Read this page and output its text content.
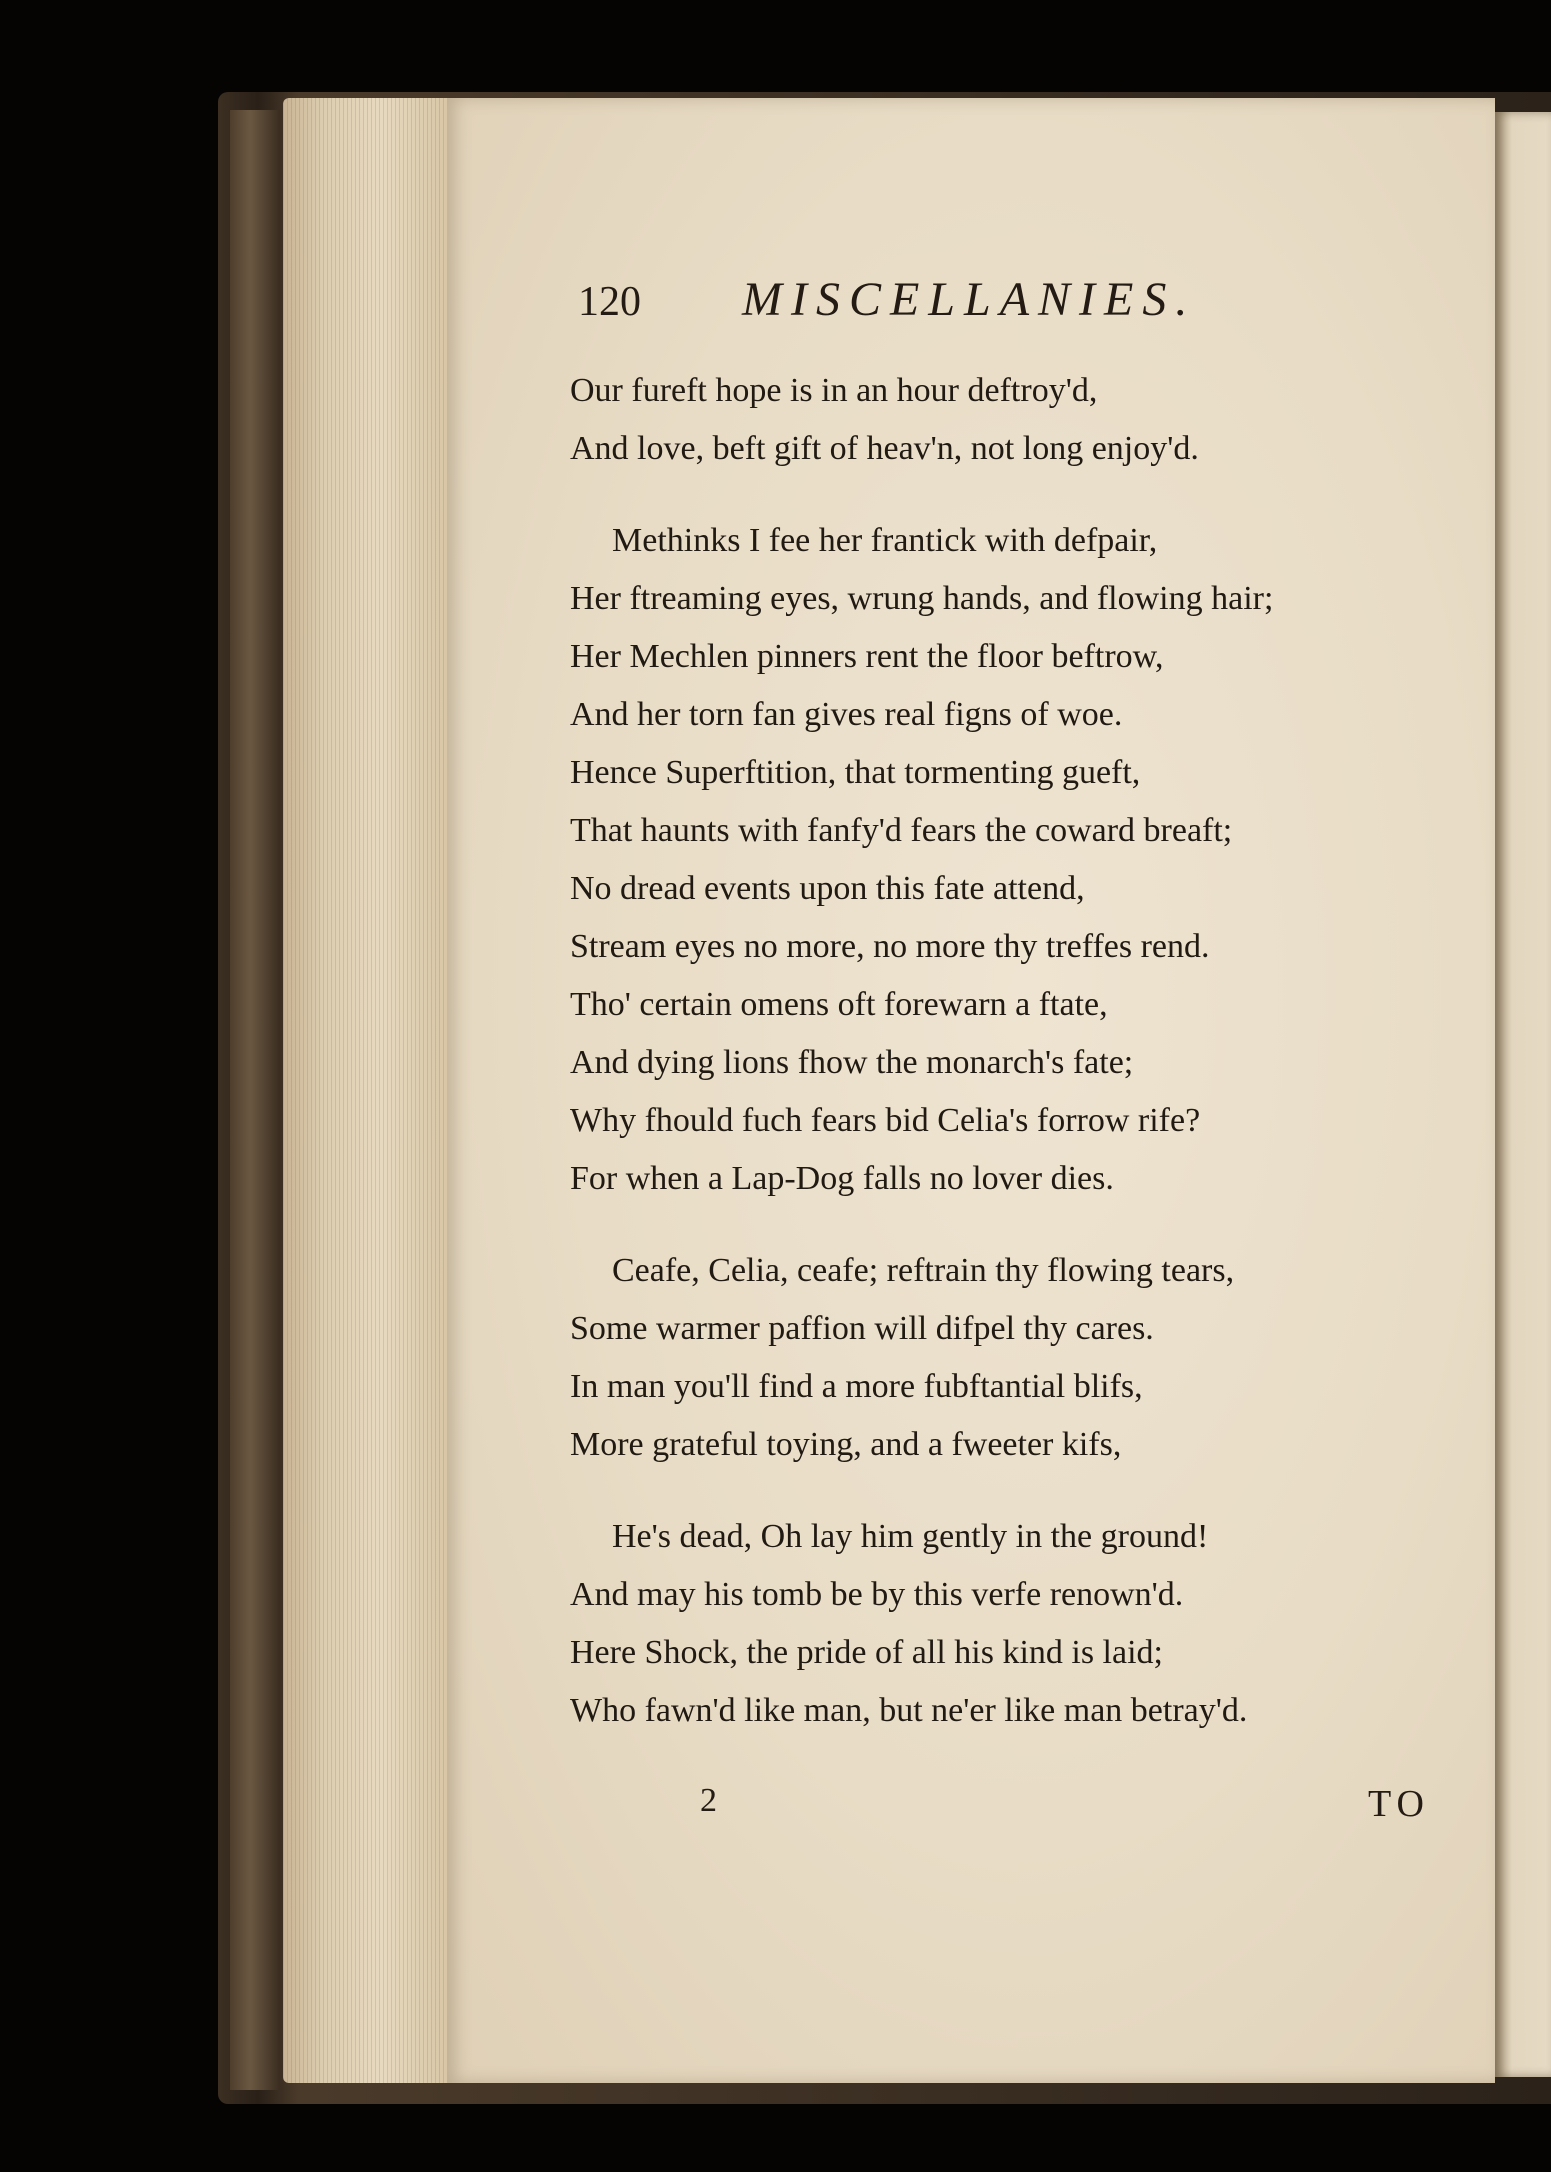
120 MISCELLANIES.
Our fureft hope is in an hour deftroy'd,
And love, beft gift of heav'n, not long enjoy'd.
Methinks I fee her frantick with defpair,
Her ftreaming eyes, wrung hands, and flowing hair;
Her Mechlen pinners rent the floor beftrow,
And her torn fan gives real figns of woe.
Hence Superftition, that tormenting gueft,
That haunts with fanfy'd fears the coward breaft;
No dread events upon this fate attend,
Stream eyes no more, no more thy treffes rend.
Tho' certain omens oft forewarn a ftate,
And dying lions fhow the monarch's fate;
Why fhould fuch fears bid Celia's forrow rife?
For when a Lap-Dog falls no lover dies.
Ceafe, Celia, ceafe; reftrain thy flowing tears,
Some warmer paffion will difpel thy cares.
In man you'll find a more fubftantial blifs,
More grateful toying, and a fweeter kifs,
He's dead, Oh lay him gently in the ground!
And may his tomb be by this verfe renown'd.
Here Shock, the pride of all his kind is laid;
Who fawn'd like man, but ne'er like man betray'd.
2	TO
